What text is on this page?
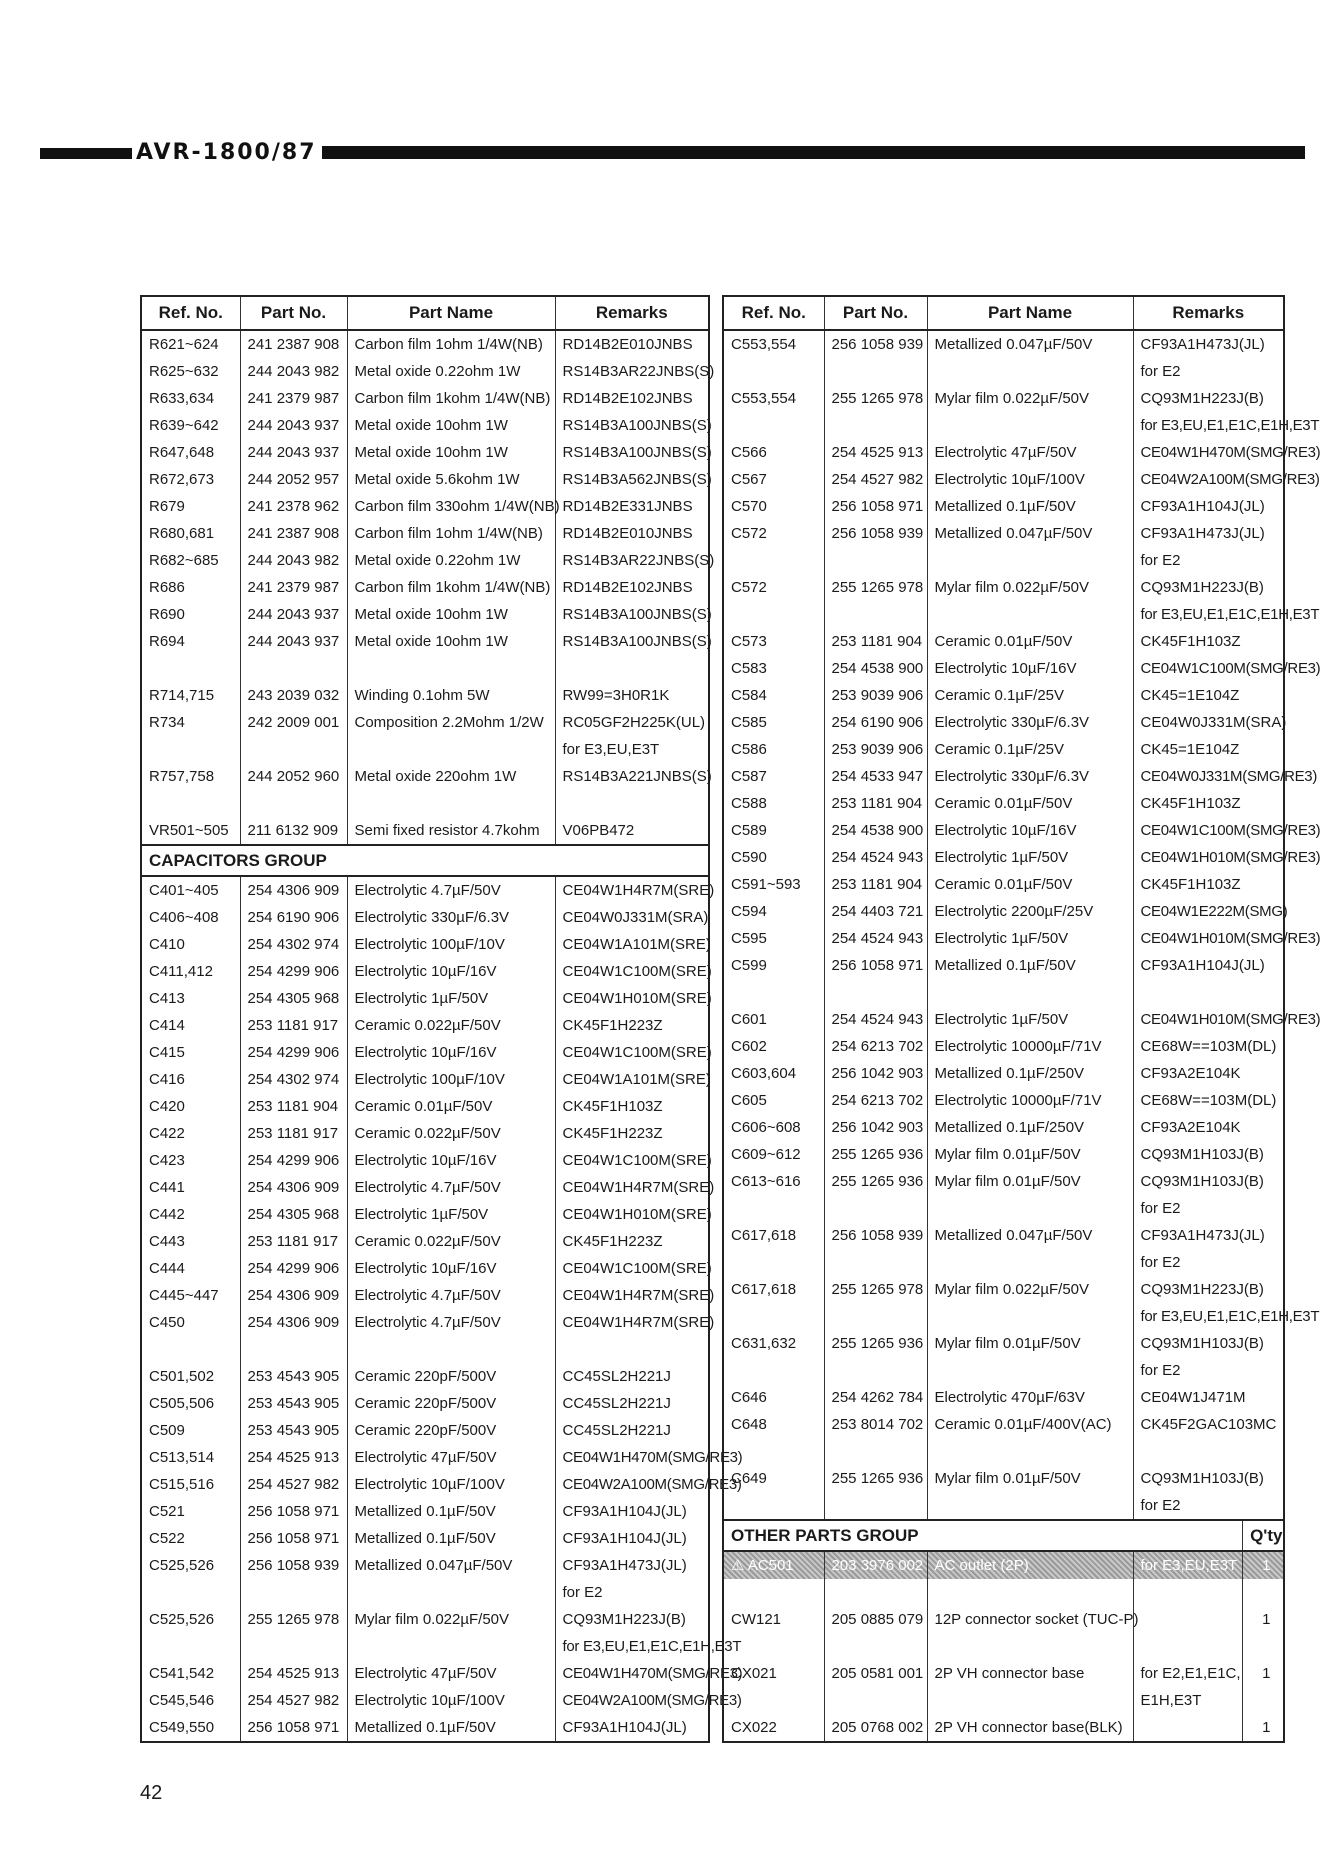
AVR-1800/87
Ref. No.	Part No.	Part Name	Remarks
R621~624	241 2387 908	Carbon film 1ohm 1/4W(NB)	RD14B2E010JNBS
R625~632	244 2043 982	Metal oxide 0.22ohm 1W	RS14B3AR22JNBS(S)
R633,634	241 2379 987	Carbon film 1kohm 1/4W(NB)	RD14B2E102JNBS
R639~642	244 2043 937	Metal oxide 10ohm 1W	RS14B3A100JNBS(S)
R647,648	244 2043 937	Metal oxide 10ohm 1W	RS14B3A100JNBS(S)
R672,673	244 2052 957	Metal oxide 5.6kohm 1W	RS14B3A562JNBS(S)
R679	241 2378 962	Carbon film 330ohm 1/4W(NB)	RD14B2E331JNBS
R680,681	241 2387 908	Carbon film 1ohm 1/4W(NB)	RD14B2E010JNBS
R682~685	244 2043 982	Metal oxide 0.22ohm 1W	RS14B3AR22JNBS(S)
R686	241 2379 987	Carbon film 1kohm 1/4W(NB)	RD14B2E102JNBS
R690	244 2043 937	Metal oxide 10ohm 1W	RS14B3A100JNBS(S)
R694	244 2043 937	Metal oxide 10ohm 1W	RS14B3A100JNBS(S)

R714,715	243 2039 032	Winding 0.1ohm 5W	RW99=3H0R1K
R734	242 2009 001	Composition 2.2Mohm 1/2W	RC05GF2H225K(UL)
			for E3,EU,E3T
R757,758	244 2052 960	Metal oxide 220ohm 1W	RS14B3A221JNBS(S)

VR501~505	211 6132 909	Semi fixed resistor 4.7kohm	V06PB472
CAPACITORS GROUP			
C401~405	254 4306 909	Electrolytic 4.7µF/50V	CE04W1H4R7M(SRE)
C406~408	254 6190 906	Electrolytic 330µF/6.3V	CE04W0J331M(SRA)
C410	254 4302 974	Electrolytic 100µF/10V	CE04W1A101M(SRE)
C411,412	254 4299 906	Electrolytic 10µF/16V	CE04W1C100M(SRE)
C413	254 4305 968	Electrolytic 1µF/50V	CE04W1H010M(SRE)
C414	253 1181 917	Ceramic 0.022µF/50V	CK45F1H223Z
C415	254 4299 906	Electrolytic 10µF/16V	CE04W1C100M(SRE)
C416	254 4302 974	Electrolytic 100µF/10V	CE04W1A101M(SRE)
C420	253 1181 904	Ceramic 0.01µF/50V	CK45F1H103Z
C422	253 1181 917	Ceramic 0.022µF/50V	CK45F1H223Z
C423	254 4299 906	Electrolytic 10µF/16V	CE04W1C100M(SRE)
C441	254 4306 909	Electrolytic 4.7µF/50V	CE04W1H4R7M(SRE)
C442	254 4305 968	Electrolytic 1µF/50V	CE04W1H010M(SRE)
C443	253 1181 917	Ceramic 0.022µF/50V	CK45F1H223Z
C444	254 4299 906	Electrolytic 10µF/16V	CE04W1C100M(SRE)
C445~447	254 4306 909	Electrolytic 4.7µF/50V	CE04W1H4R7M(SRE)
C450	254 4306 909	Electrolytic 4.7µF/50V	CE04W1H4R7M(SRE)

C501,502	253 4543 905	Ceramic 220pF/500V	CC45SL2H221J
C505,506	253 4543 905	Ceramic 220pF/500V	CC45SL2H221J
C509	253 4543 905	Ceramic 220pF/500V	CC45SL2H221J
C513,514	254 4525 913	Electrolytic 47µF/50V	CE04W1H470M(SMG/RE3)
C515,516	254 4527 982	Electrolytic 10µF/100V	CE04W2A100M(SMG/RE3)
C521	256 1058 971	Metallized 0.1µF/50V	CF93A1H104J(JL)
C522	256 1058 971	Metallized 0.1µF/50V	CF93A1H104J(JL)
C525,526	256 1058 939	Metallized 0.047µF/50V	CF93A1H473J(JL)
			for E2
C525,526	255 1265 978	Mylar film 0.022µF/50V	CQ93M1H223J(B)
			for E3,EU,E1,E1C,E1H,E3T
C541,542	254 4525 913	Electrolytic 47µF/50V	CE04W1H470M(SMG/RE3)
C545,546	254 4527 982	Electrolytic 10µF/100V	CE04W2A100M(SMG/RE3)
C549,550	256 1058 971	Metallized 0.1µF/50V	CF93A1H104J(JL)
Ref. No.	Part No.	Part Name	Remarks	
C553,554	256 1058 939	Metallized 0.047µF/50V	CF93A1H473J(JL)	
			for E2	
C553,554	255 1265 978	Mylar film 0.022µF/50V	CQ93M1H223J(B)	
			for E3,EU,E1,E1C,E1H,E3T	
C566	254 4525 913	Electrolytic 47µF/50V	CE04W1H470M(SMG/RE3)	
C567	254 4527 982	Electrolytic 10µF/100V	CE04W2A100M(SMG/RE3)	
C570	256 1058 971	Metallized 0.1µF/50V	CF93A1H104J(JL)	
C572	256 1058 939	Metallized 0.047µF/50V	CF93A1H473J(JL)	
			for E2	
C572	255 1265 978	Mylar film 0.022µF/50V	CQ93M1H223J(B)	
			for E3,EU,E1,E1C,E1H,E3T	
C573	253 1181 904	Ceramic 0.01µF/50V	CK45F1H103Z	
C583	254 4538 900	Electrolytic 10µF/16V	CE04W1C100M(SMG/RE3)	
C584	253 9039 906	Ceramic 0.1µF/25V	CK45=1E104Z	
C585	254 6190 906	Electrolytic 330µF/6.3V	CE04W0J331M(SRA)	
C586	253 9039 906	Ceramic 0.1µF/25V	CK45=1E104Z	
C587	254 4533 947	Electrolytic 330µF/6.3V	CE04W0J331M(SMG/RE3)	
C588	253 1181 904	Ceramic 0.01µF/50V	CK45F1H103Z	
C589	254 4538 900	Electrolytic 10µF/16V	CE04W1C100M(SMG/RE3)	
C590	254 4524 943	Electrolytic 1µF/50V	CE04W1H010M(SMG/RE3)	
C591~593	253 1181 904	Ceramic 0.01µF/50V	CK45F1H103Z	
C594	254 4403 721	Electrolytic 2200µF/25V	CE04W1E222M(SMG)	
C595	254 4524 943	Electrolytic 1µF/50V	CE04W1H010M(SMG/RE3)	
C599	256 1058 971	Metallized 0.1µF/50V	CF93A1H104J(JL)	

C601	254 4524 943	Electrolytic 1µF/50V	CE04W1H010M(SMG/RE3)	
C602	254 6213 702	Electrolytic 10000µF/71V	CE68W==103M(DL)	
C603,604	256 1042 903	Metallized 0.1µF/250V	CF93A2E104K	
C605	254 6213 702	Electrolytic 10000µF/71V	CE68W==103M(DL)	
C606~608	256 1042 903	Metallized 0.1µF/250V	CF93A2E104K	
C609~612	255 1265 936	Mylar film 0.01µF/50V	CQ93M1H103J(B)	
C613~616	255 1265 936	Mylar film 0.01µF/50V	CQ93M1H103J(B)	
			for E2	
C617,618	256 1058 939	Metallized 0.047µF/50V	CF93A1H473J(JL)	
			for E2	
C617,618	255 1265 978	Mylar film 0.022µF/50V	CQ93M1H223J(B)	
			for E3,EU,E1,E1C,E1H,E3T	
C631,632	255 1265 936	Mylar film 0.01µF/50V	CQ93M1H103J(B)	
			for E2	
C646	254 4262 784	Electrolytic 470µF/63V	CE04W1J471M	
C648	253 8014 702	Ceramic 0.01µF/400V(AC)	CK45F2GAC103MC	

C649	255 1265 936	Mylar film 0.01µF/50V	CQ93M1H103J(B)	
			for E2	
OTHER PARTS GROUP				Q'ty
⚠ AC501	203 3976 002	AC outlet (2P)	for E3,EU,E3T	1

CW121	205 0885 079	12P connector socket (TUC-P)		1

CX021	205 0581 001	2P VH connector base	for E2,E1,E1C,	1
			E1H,E3T	
CX022	205 0768 002	2P VH connector base(BLK)		1
42
